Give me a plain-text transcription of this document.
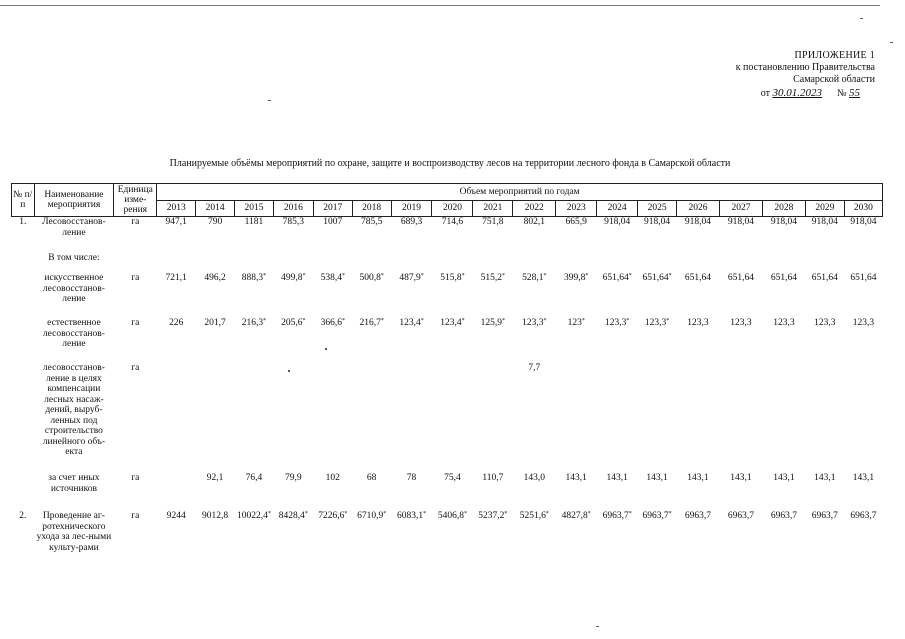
ПРИЛОЖЕНИЕ 1
к постановлению Правительства
Самарской области
от 30.01.2023 № 55
Планируемые объёмы мероприятий по охране, защите и воспроизводству лесов на территории лесного фонда в Самарской области
№ п/п	Наименование мероприятия	Единица изме-рения	Объем мероприятий по годам																	
			2013	2014	2015	2016	2017	2018	2019	2020	2021	2022	2023	2024	2025	2026	2027	2028	2029	2030
1.	Лесовосстанов-ление	га	947,1	790	1181	785,3	1007	785,5	689,3	714,6	751,8	802,1	665,9	918,04	918,04	918,04	918,04	918,04	918,04	918,04
	В том числе:																			
	искусственное лесовосстанов-ление	га	721,1	496,2	888,3*	499,8*	538,4*	500,8*	487,9*	515,8*	515,2*	528,1*	399,8*	651,64*	651,64*	651,64	651,64	651,64	651,64	651,64
	естественное лесовосстанов-ление	га	226	201,7	216,3*	205,6*	366,6*	216,7*	123,4*	123,4*	125,9*	123,3*	123*	123,3*	123,3*	123,3	123,3	123,3	123,3	123,3
	лесовосстанов-ление в целях компенсации лесных насаж-дений, выруб-ленных под строительство линейного объ-екта	га										7,7								
	за счет иных источников	га		92,1	76,4	79,9	102	68	78	75,4	110,7	143,0	143,1	143,1	143,1	143,1	143,1	143,1	143,1	143,1
2.	Проведение аг-ротехнического ухода за лес-ными культу-рами	га	9244	9012,8	10022,4*	8428,4*	7226,6*	6710,9*	6083,1*	5406,8*	5237,2*	5251,6*	4827,8*	6963,7*	6963,7*	6963,7	6963,7	6963,7	6963,7	6963,7
